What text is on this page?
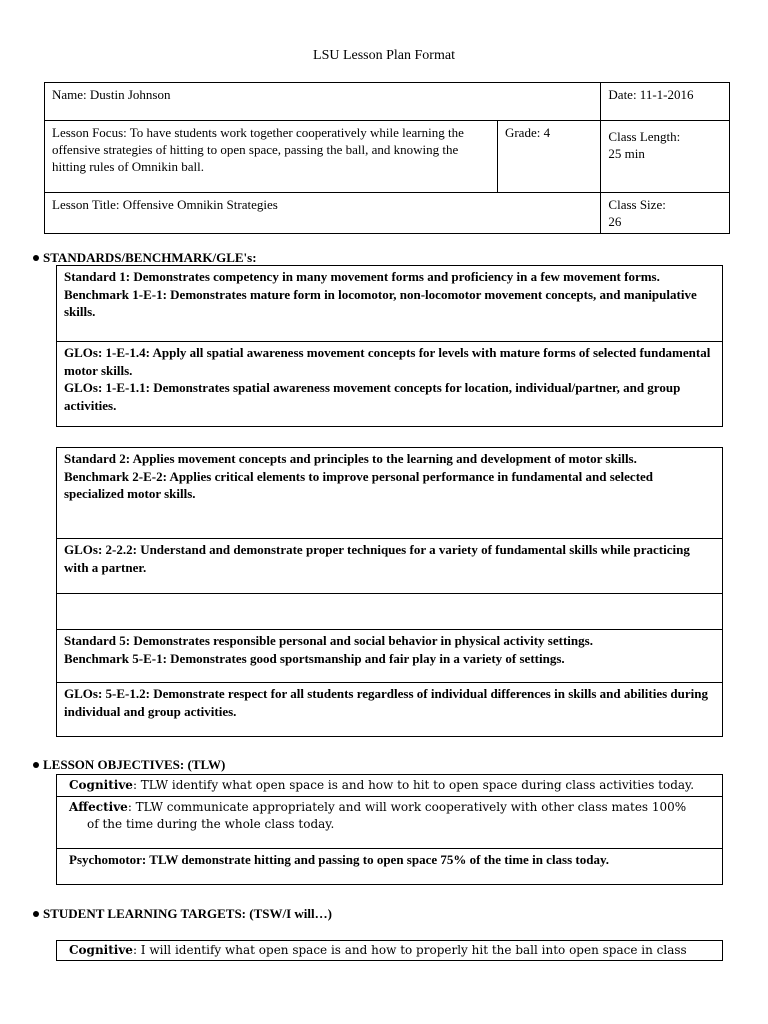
LSU Lesson Plan Format
Name: Dustin Johnson		Date: 11-1-2016
Lesson Focus: To have students work together cooperatively while learning the offensive strategies of hitting to open space, passing the ball, and knowing the hitting rules of Omnikin ball.	Grade: 4	Class Length:
25 min

Lesson Title: Offensive Omnikin Strategies		Class Size:
26
STANDARDS/BENCHMARK/GLE's:
Standard 1: Demonstrates competency in many movement forms and proficiency in a few movement forms.
Benchmark 1-E-1: Demonstrates mature form in locomotor, non-locomotor movement concepts, and manipulative skills.
GLOs: 1-E-1.4: Apply all spatial awareness movement concepts for levels with mature forms of selected fundamental motor skills.
GLOs: 1-E-1.1: Demonstrates spatial awareness movement concepts for location, individual/partner, and group activities.
Standard 2: Applies movement concepts and principles to the learning and development of motor skills.
Benchmark 2-E-2: Applies critical elements to improve personal performance in fundamental and selected specialized motor skills.
GLOs: 2-2.2: Understand and demonstrate proper techniques for a variety of fundamental skills while practicing with a partner.
Standard 5: Demonstrates responsible personal and social behavior in physical activity settings.
Benchmark 5-E-1: Demonstrates good sportsmanship and fair play in a variety of settings.
GLOs: 5-E-1.2: Demonstrate respect for all students regardless of individual differences in skills and abilities during individual and group activities.
LESSON OBJECTIVES: (TLW)
Cognitive: TLW identify what open space is and how to hit to open space during class activities today.
Affective: TLW communicate appropriately and will work cooperatively with other class mates 100%
of the time during the whole class today.
Psychomotor: TLW demonstrate hitting and passing to open space 75% of the time in class today.
STUDENT LEARNING TARGETS: (TSW/I will…)
Cognitive: I will identify what open space is and how to properly hit the ball into open space in class
